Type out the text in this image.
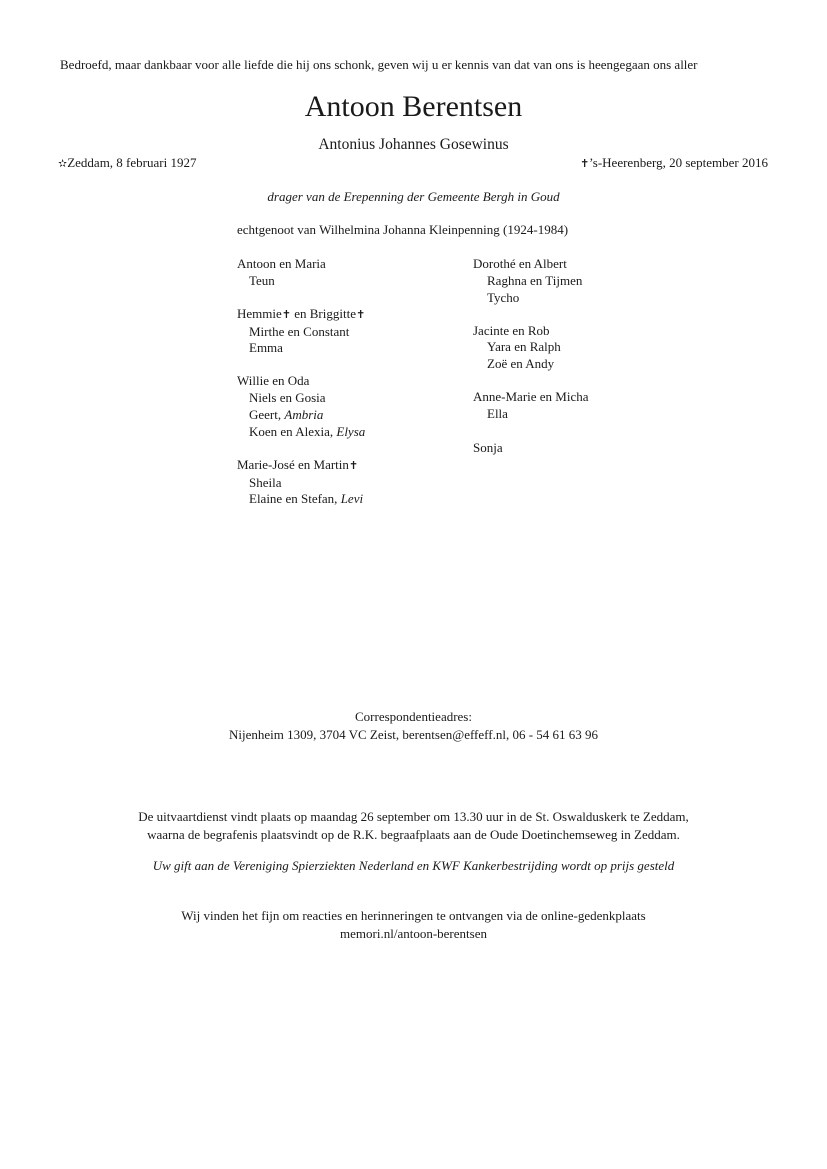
Bedroefd, maar dankbaar voor alle liefde die hij ons schonk, geven wij u er kennis van dat van ons is heengegaan ons aller
Antoon Berentsen
Antonius Johannes Gosewinus
✫Zeddam, 8 februari 1927	✝’s-Heerenberg, 20 september 2016
drager van de Erepenning der Gemeente Bergh in Goud
echtgenoot van Wilhelmina Johanna Kleinpenning (1924-1984)
Antoon en Maria
Teun
Hemmie✝ en Briggitte✝
Mirthe en Constant
Emma
Willie en Oda
Niels en Gosia
Geert, Ambria
Koen en Alexia, Elysa
Marie-José en Martin✝
Sheila
Elaine en Stefan, Levi
Dorothé en Albert
Raghna en Tijmen
Tycho
Jacinte en Rob
Yara en Ralph
Zoë en Andy
Anne-Marie en Micha
Ella
Sonja
Correspondentieadres:
Nijenheim 1309, 3704 VC Zeist, berentsen@effeff.nl, 06 - 54 61 63 96
De uitvaartdienst vindt plaats op maandag 26 september om 13.30 uur in de St. Oswalduskerk te Zeddam,
waarna de begrafenis plaatsvindt op de R.K. begraafplaats aan de Oude Doetinchemseweg in Zeddam.
Uw gift aan de Vereniging Spierziekten Nederland en KWF Kankerbestrijding wordt op prijs gesteld
Wij vinden het fijn om reacties en herinneringen te ontvangen via de online-gedenkplaats
memori.nl/antoon-berentsen
